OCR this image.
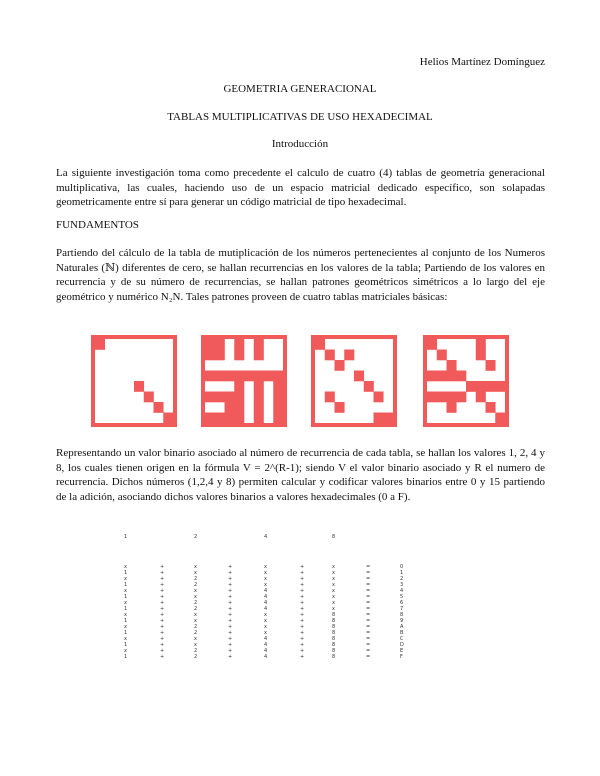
Helios Martínez Domínguez
GEOMETRIA GENERACIONAL
TABLAS MULTIPLICATIVAS DE USO HEXADECIMAL
Introducción
La siguiente investigación toma como precedente el calculo de cuatro (4) tablas de geometría generacional multiplicativa, las cuales, haciendo uso de un espacio matricial dedicado específico, son solapadas geometricamente entre sí para generar un código matricial de tipo hexadecimal.
FUNDAMENTOS
Partiendo del cálculo de la tabla de mutiplicación de los números pertenecientes al conjunto de los Numeros Naturales (ℕ) diferentes de cero, se hallan recurrencias en los valores de la tabla; Partiendo de los valores en recurrencia y de su número de recurrencias, se hallan patrones geométricos simétricos a lo largo del eje geométrico y numérico N₂N. Tales patrones proveen de cuatro tablas matriciales básicas:
Representando un valor binario asociado al número de recurrencia de cada tabla, se hallan los valores 1, 2, 4 y 8, los cuales tienen origen en la fórmula V = 2^(R-1); siendo V el valor binario asociado y R el numero de recurrencia. Dichos números (1,2,4 y 8) permiten calcular y codificar valores binarios entre 0 y 15 partiendo de la adición, asociando dichos valores binarios a valores hexadecimales (0 a F).
1
x
1
x
1
x
1
x
1
x
1
x
1
x
1
x
1
+
+
+
+
+
+
+
+
+
+
+
+
+
+
+
+
2
x
x
2
2
x
x
2
2
x
x
2
2
x
x
2
2
+
+
+
+
+
+
+
+
+
+
+
+
+
+
+
+
4
x
x
x
x
4
4
4
4
x
x
x
x
4
4
4
4
+
+
+
+
+
+
+
+
+
+
+
+
+
+
+
+
8
x
x
x
x
x
x
x
x
8
8
8
8
8
8
8
8
=
=
=
=
=
=
=
=
=
=
=
=
=
=
=
=
0
1
2
3
4
5
6
7
8
9
A
B
C
D
E
F
